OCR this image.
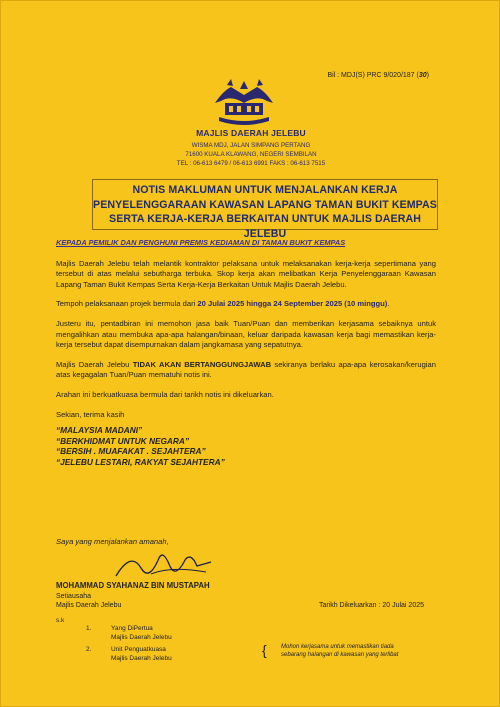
Bil : MDJ(S) PRC 9/020/187 (30)
MAJLIS DAERAH JELEBU
WISMA MDJ, JALAN SIMPANG PERTANG
71600 KUALA KLAWANG, NEGERI SEMBILAN
TEL : 06-613 6479 / 06-613 6991 FAKS : 06-613 7515
NOTIS MAKLUMAN UNTUK MENJALANKAN KERJA
PENYELENGGARAAN KAWASAN LAPANG TAMAN BUKIT KEMPAS
SERTA KERJA-KERJA BERKAITAN UNTUK MAJLIS DAERAH JELEBU

KEPADA PEMILIK DAN PENGHUNI PREMIS KEDIAMAN DI TAMAN BUKIT KEMPAS

Majlis Daerah Jelebu telah melantik kontraktor pelaksana untuk melaksanakan kerja-kerja sepertimana yang tersebut di atas melalui sebutharga terbuka. Skop kerja akan melibatkan Kerja Penyelenggaraan Kawasan Lapang Taman Bukit Kempas Serta Kerja-Kerja Berkaitan Untuk Majlis Daerah Jelebu.

Tempoh pelaksanaan projek bermula dari 20 Julai 2025 hingga 24 September 2025 (10 minggu).

Justeru itu, pentadbiran ini memohon jasa baik Tuan/Puan dan memberikan kerjasama sebaiknya untuk mengalihkan atau membuka apa-apa halangan/binaan, keluar daripada kawasan kerja bagi memastikan kerja-kerja tersebut dapat disempurnakan dalam jangkamasa yang sepatutnya.

Majlis Daerah Jelebu TIDAK AKAN BERTANGGUNGJAWAB sekiranya berlaku apa-apa kerosakan/kerugian atas kegagalan Tuan/Puan mematuhi notis ini.

Arahan ini berkuatkuasa bermula dari tarikh notis ini dikeluarkan.

Sekian, terima kasih

“MALAYSIA MADANI”
“BERKHIDMAT UNTUK NEGARA”
“BERSIH . MUAFAKAT . SEJAHTERA”
“JELEBU LESTARI, RAKYAT SEJAHTERA”
Saya yang menjalankan amanah,
MOHAMMAD SYAHANAZ BIN MUSTAPAH
Setiausaha
Majlis Daerah Jelebu	Tarikh Dikeluarkan : 20 Julai 2025
s.k
1.	Yang DiPertua
Majlis Daerah Jelebu
2.	Unit Penguatkuasa
Majlis Daerah Jelebu	{ Mohon kerjasama untuk memastikan tiada
sebarang halangan di kawasan yang terlibat
